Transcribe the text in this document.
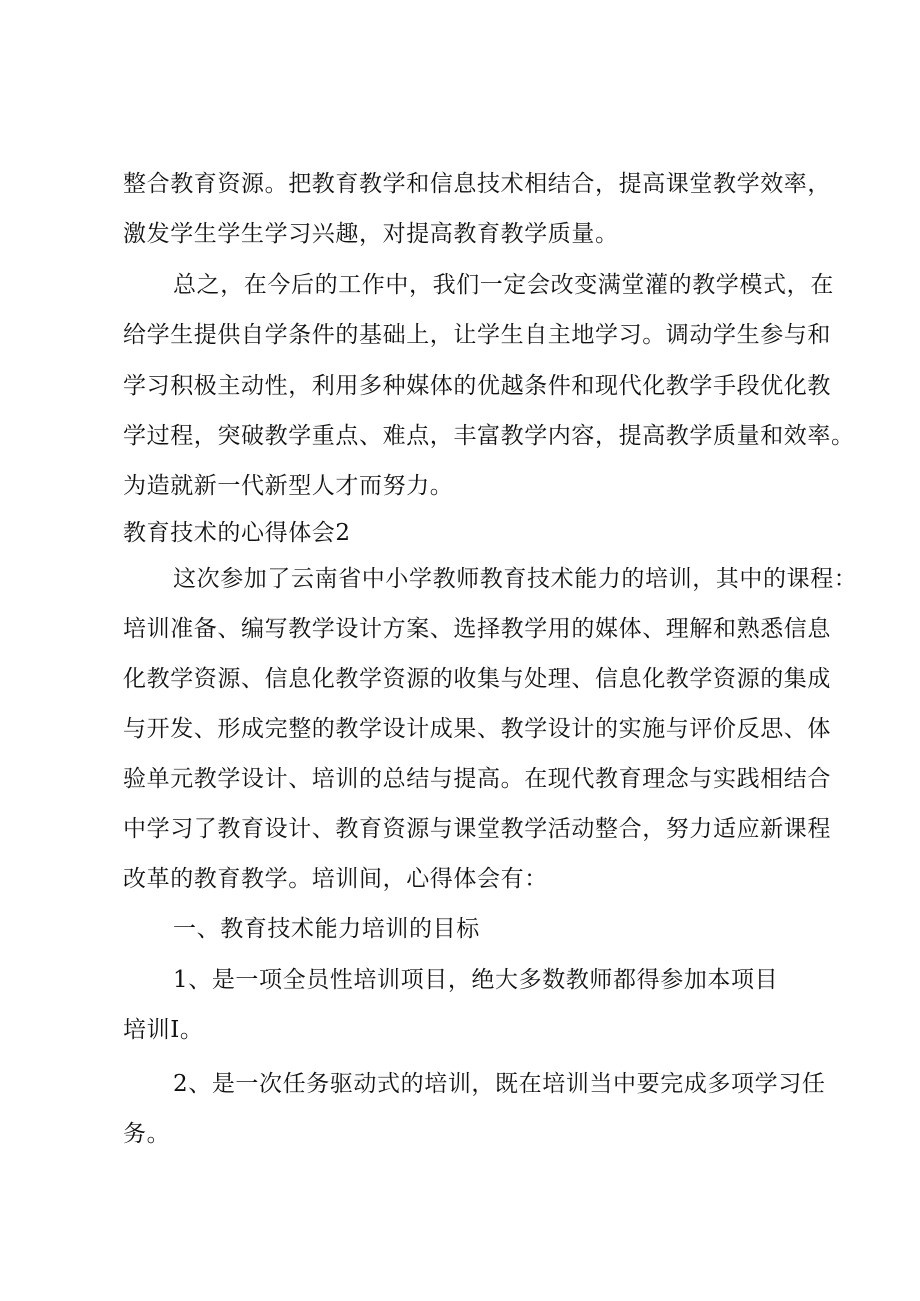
整合教育资源。把教育教学和信息技术相结合，提高课堂教学效率，
激发学生学生学习兴趣，对提高教育教学质量。
总之，在今后的工作中，我们一定会改变满堂灌的教学模式，在
给学生提供自学条件的基础上，让学生自主地学习。调动学生参与和
学习积极主动性，利用多种媒体的优越条件和现代化教学手段优化教
学过程，突破教学重点、难点，丰富教学内容，提高教学质量和效率。
为造就新一代新型人才而努力。
教育技术的心得体会2
这次参加了云南省中小学教师教育技术能力的培训，其中的课程：
培训准备、编写教学设计方案、选择教学用的媒体、理解和熟悉信息
化教学资源、信息化教学资源的收集与处理、信息化教学资源的集成
与开发、形成完整的教学设计成果、教学设计的实施与评价反思、体
验单元教学设计、培训的总结与提高。在现代教育理念与实践相结合
中学习了教育设计、教育资源与课堂教学活动整合，努力适应新课程
改革的教育教学。培训间，心得体会有：
一、教育技术能力培训的目标
1、是一项全员性培训项目，绝大多数教师都得参加本项目
培训I。
2、是一次任务驱动式的培训，既在培训当中要完成多项学习任
务。
